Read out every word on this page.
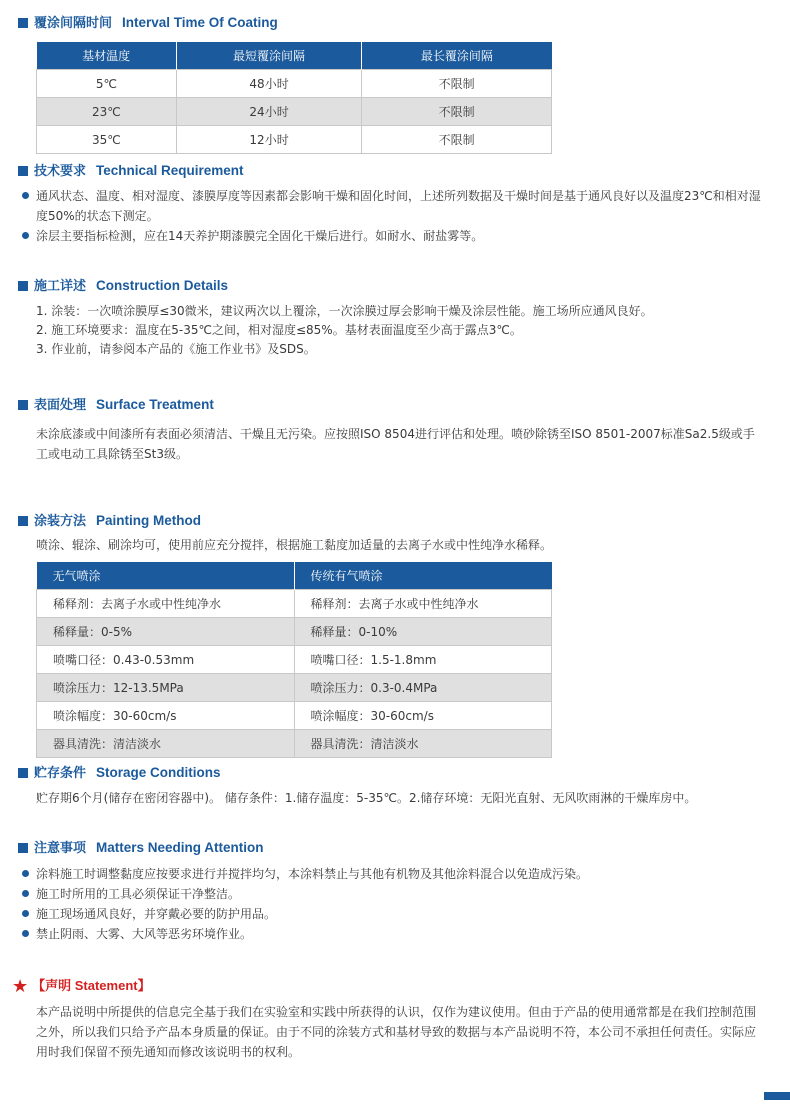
覆涂间隔时间 Interval Time Of Coating
基材温度	最短覆涂间隔	最长覆涂间隔
5℃	48小时	不限制
23℃	24小时	不限制
35℃	12小时	不限制
技术要求 Technical Requirement
通风状态、温度、相对湿度、漆膜厚度等因素都会影响干燥和固化时间，上述所列数据及干燥时间是基于通风良好以及温度23℃和相对湿度50%的状态下测定。
涂层主要指标检测，应在14天养护期漆膜完全固化干燥后进行。如耐水、耐盐雾等。
施工详述 Construction Details
1. 涂装：一次喷涂膜厚≤30微米，建议两次以上覆涂，一次涂膜过厚会影响干燥及涂层性能。施工场所应通风良好。
2. 施工环境要求：温度在5-35℃之间，相对湿度≤85%。基材表面温度至少高于露点3℃。
3. 作业前，请参阅本产品的《施工作业书》及SDS。
表面处理 Surface Treatment
未涂底漆或中间漆所有表面必须清洁、干燥且无污染。应按照ISO 8504进行评估和处理。喷砂除锈至ISO 8501-2007标准Sa2.5级或手工或电动工具除锈至St3级。
涂装方法 Painting Method
喷涂、辊涂、刷涂均可，使用前应充分搅拌，根据施工黏度加适量的去离子水或中性纯净水稀释。
无气喷涂	传统有气喷涂
稀释剂：去离子水或中性纯净水	稀释剂：去离子水或中性纯净水
稀释量：0-5%	稀释量：0-10%
喷嘴口径：0.43-0.53mm	喷嘴口径：1.5-1.8mm
喷涂压力：12-13.5MPa	喷涂压力：0.3-0.4MPa
喷涂幅度：30-60cm/s	喷涂幅度：30-60cm/s
器具清洗：清洁淡水	器具清洗：清洁淡水
贮存条件 Storage Conditions
贮存期6个月(储存在密闭容器中)。 储存条件：1.储存温度：5-35℃。2.储存环境：无阳光直射、无风吹雨淋的干燥库房中。
注意事项 Matters Needing Attention
涂料施工时调整黏度应按要求进行并搅拌均匀，本涂料禁止与其他有机物及其他涂料混合以免造成污染。
施工时所用的工具必须保证干净整洁。
施工现场通风良好，并穿戴必要的防护用品。
禁止阴雨、大雾、大风等恶劣环境作业。
★ 【声明 Statement】
本产品说明中所提供的信息完全基于我们在实验室和实践中所获得的认识，仅作为建议使用。但由于产品的使用通常都是在我们控制范围之外，所以我们只给予产品本身质量的保证。由于不同的涂装方式和基材导致的数据与本产品说明不符，本公司不承担任何责任。实际应用时我们保留不预先通知而修改该说明书的权利。
